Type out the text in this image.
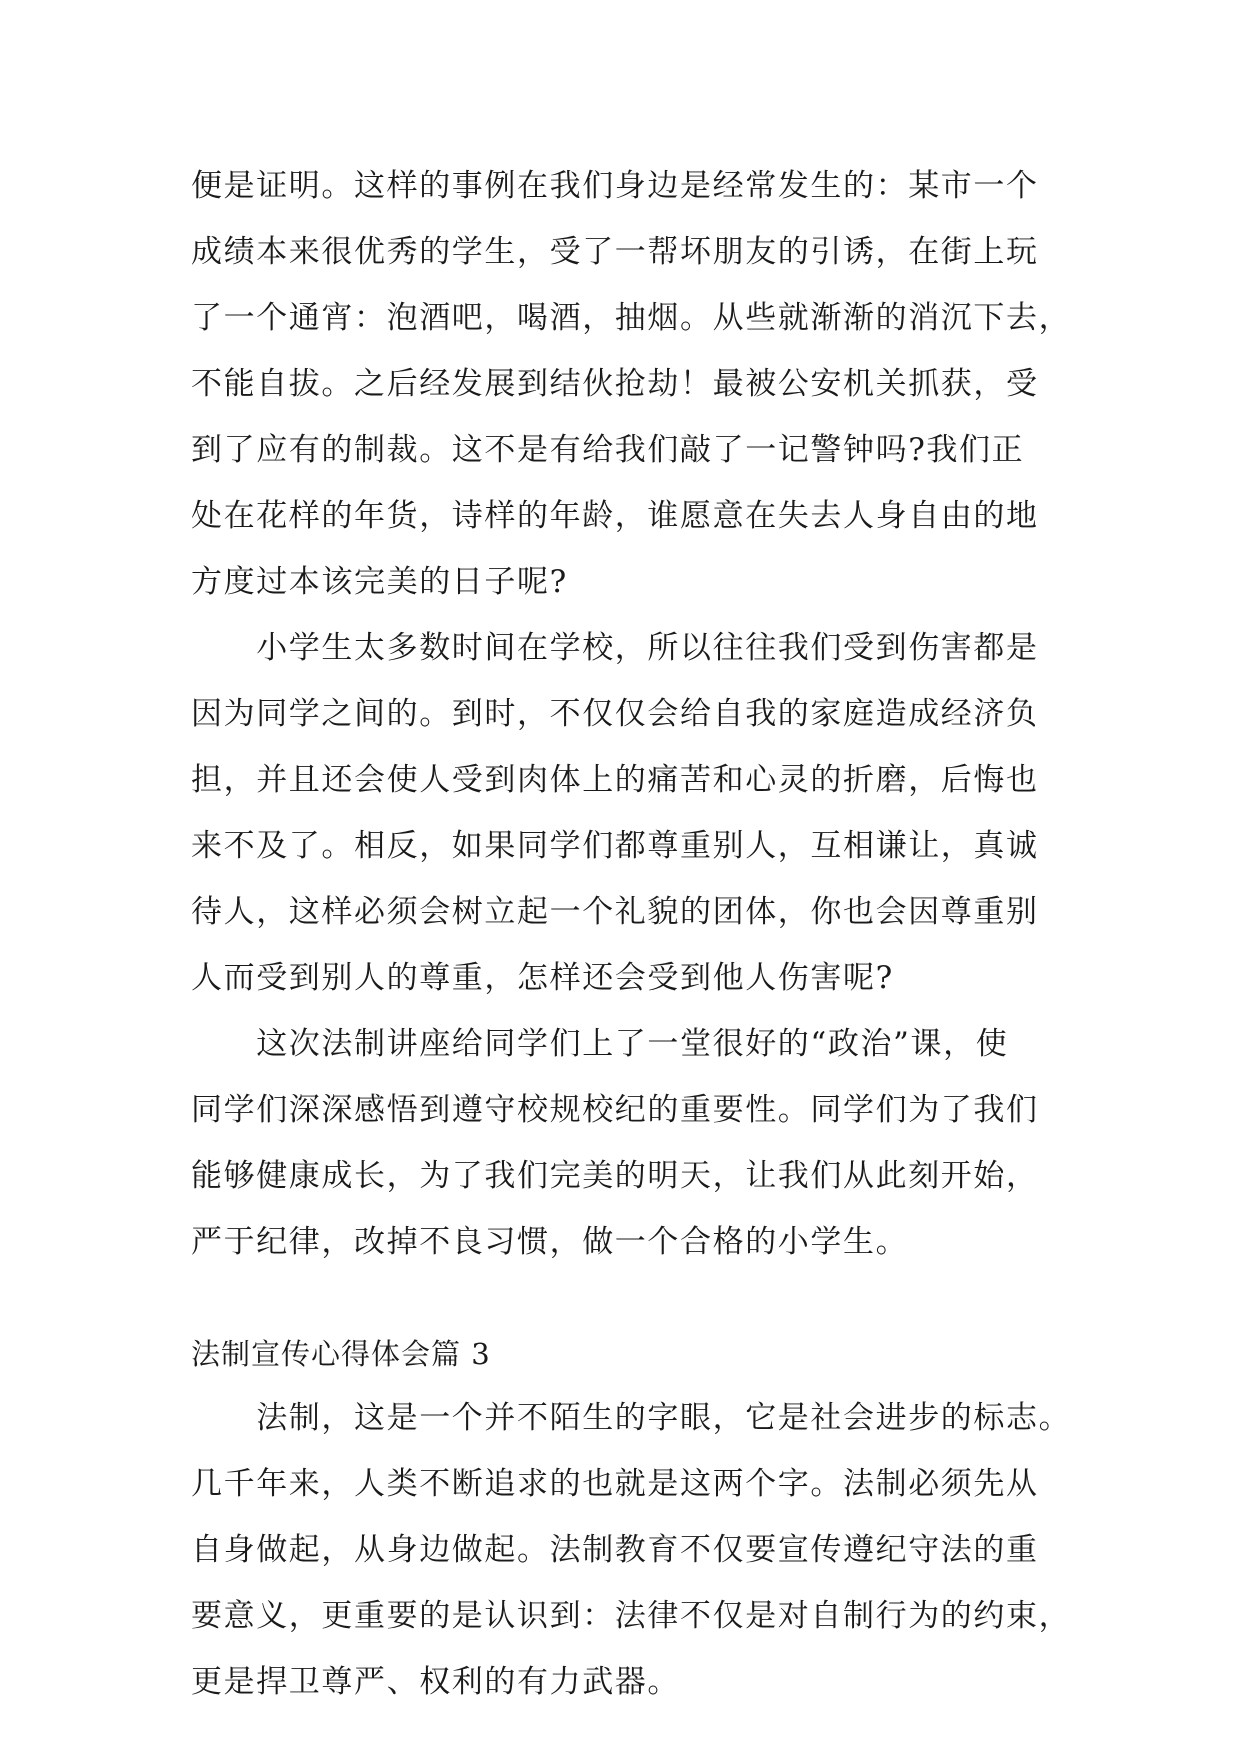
便是证明。这样的事例在我们身边是经常发生的：某市一个
成绩本来很优秀的学生，受了一帮坏朋友的引诱，在街上玩
了一个通宵：泡酒吧，喝酒，抽烟。从些就渐渐的消沉下去，
不能自拔。之后经发展到结伙抢劫！最被公安机关抓获，受
到了应有的制裁。这不是有给我们敲了一记警钟吗?我们正
处在花样的年货，诗样的年龄，谁愿意在失去人身自由的地
方度过本该完美的日子呢?
　　小学生太多数时间在学校，所以往往我们受到伤害都是
因为同学之间的。到时，不仅仅会给自我的家庭造成经济负
担，并且还会使人受到肉体上的痛苦和心灵的折磨，后悔也
来不及了。相反，如果同学们都尊重别人，互相谦让，真诚
待人，这样必须会树立起一个礼貌的团体，你也会因尊重别
人而受到别人的尊重，怎样还会受到他人伤害呢?
　　这次法制讲座给同学们上了一堂很好的“政治”课，使
同学们深深感悟到遵守校规校纪的重要性。同学们为了我们
能够健康成长，为了我们完美的明天，让我们从此刻开始，
严于纪律，改掉不良习惯，做一个合格的小学生。
法制宣传心得体会篇 3
　　法制，这是一个并不陌生的字眼，它是社会进步的标志。
几千年来，人类不断追求的也就是这两个字。法制必须先从
自身做起，从身边做起。法制教育不仅要宣传遵纪守法的重
要意义，更重要的是认识到：法律不仅是对自制行为的约束，
更是捍卫尊严、权利的有力武器。
